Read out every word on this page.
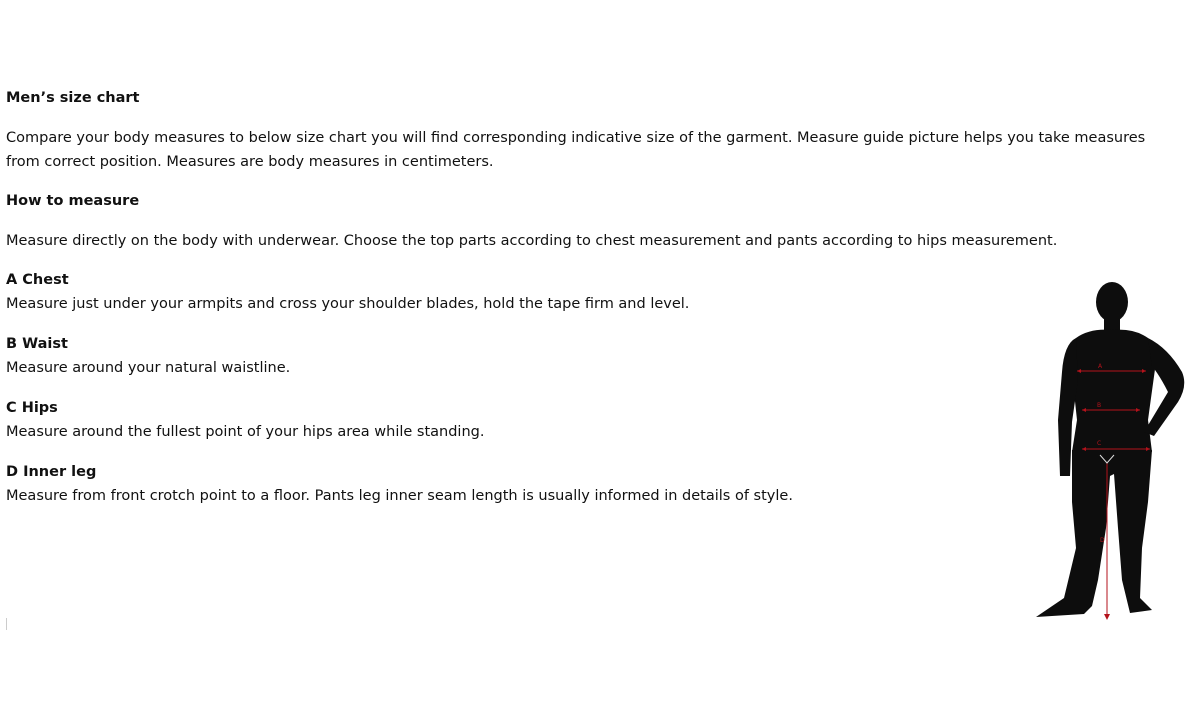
Men’s size chart

Compare your body measures to below size chart you will find corresponding indicative size of the garment. Measure guide picture helps you take measures

from correct position. Measures are body measures in centimeters.

How to measure

Measure directly on the body with underwear. Choose the top parts according to chest measurement and pants according to hips measurement.

A Chest

Measure just under your armpits and cross your shoulder blades, hold the tape firm and level.

B Waist

Measure around your natural waistline.

C Hips

Measure around the fullest point of your hips area while standing.

D Inner leg

Measure from front crotch point to a floor. Pants leg inner seam length is usually informed in details of style.

A
B
C
D
